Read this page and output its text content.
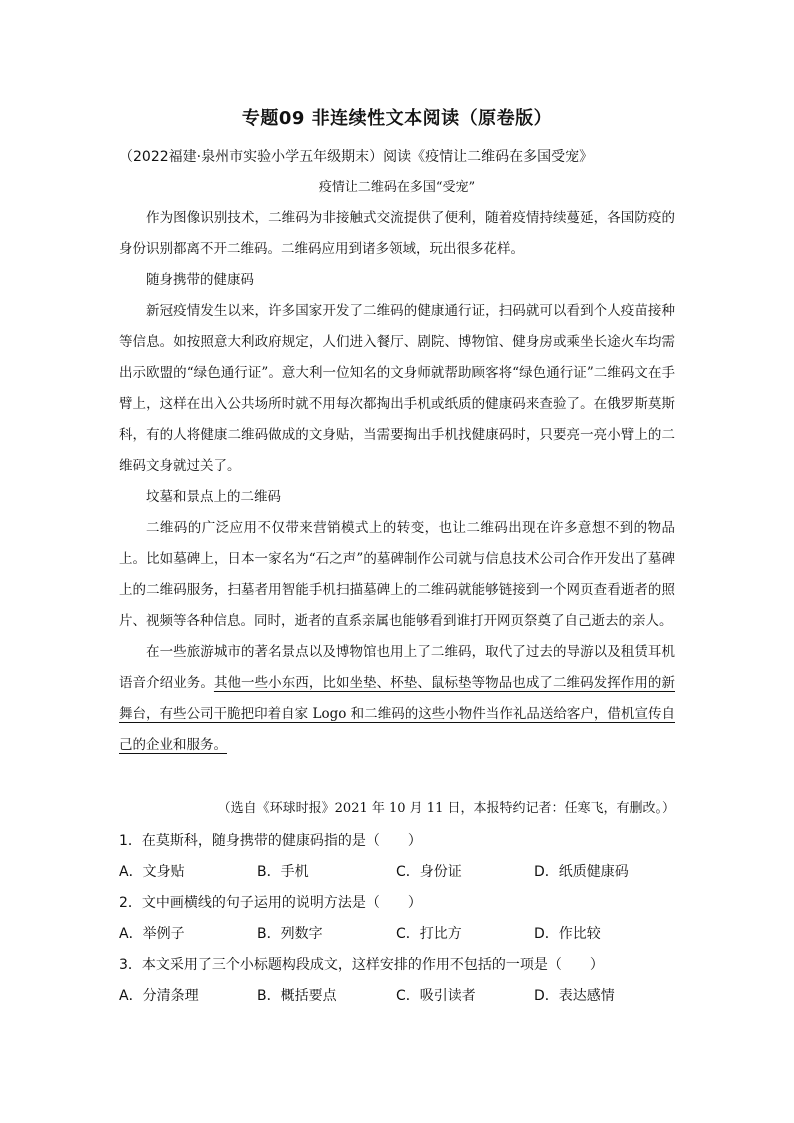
专题09 非连续性文本阅读（原卷版）
（2022福建·泉州市实验小学五年级期末）阅读《疫情让二维码在多国受宠》
疫情让二维码在多国“受宠”

作为图像识别技术，二维码为非接触式交流提供了便利，随着疫情持续蔓延，各国防疫的身份识别都离不开二维码。二维码应用到诸多领域，玩出很多花样。

随身携带的健康码

新冠疫情发生以来，许多国家开发了二维码的健康通行证，扫码就可以看到个人疫苗接种等信息。如按照意大利政府规定，人们进入餐厅、剧院、博物馆、健身房或乘坐长途火车均需出示欧盟的“绿色通行证”。意大利一位知名的文身师就帮助顾客将“绿色通行证”二维码文在手臂上，这样在出入公共场所时就不用每次都掏出手机或纸质的健康码来查验了。在俄罗斯莫斯科，有的人将健康二维码做成的文身贴，当需要掏出手机找健康码时，只要亮一亮小臂上的二维码文身就过关了。

坟墓和景点上的二维码

二维码的广泛应用不仅带来营销模式上的转变，也让二维码出现在许多意想不到的物品上。比如墓碑上，日本一家名为“石之声”的墓碑制作公司就与信息技术公司合作开发出了墓碑上的二维码服务，扫墓者用智能手机扫描墓碑上的二维码就能够链接到一个网页查看逝者的照片、视频等各种信息。同时，逝者的直系亲属也能够看到谁打开网页祭奠了自己逝去的亲人。

在一些旅游城市的著名景点以及博物馆也用上了二维码，取代了过去的导游以及租赁耳机语音介绍业务。其他一些小东西，比如坐垫、杯垫、鼠标垫等物品也成了二维码发挥作用的新舞台，有些公司干脆把印着自家 Logo 和二维码的这些小物件当作礼品送给客户，借机宣传自己的企业和服务。

（选自《环球时报》2021 年 10 月 11 日，本报特约记者：任寒飞，有删改。）
1．在莫斯科，随身携带的健康码指的是（　　）
A．文身贴	B．手机	C．身份证	D．纸质健康码
2．文中画横线的句子运用的说明方法是（　　）
A．举例子	B．列数字	C．打比方	D．作比较
3．本文采用了三个小标题构段成文，这样安排的作用不包括的一项是（　　）
A．分清条理	B．概括要点	C．吸引读者	D．表达感情
